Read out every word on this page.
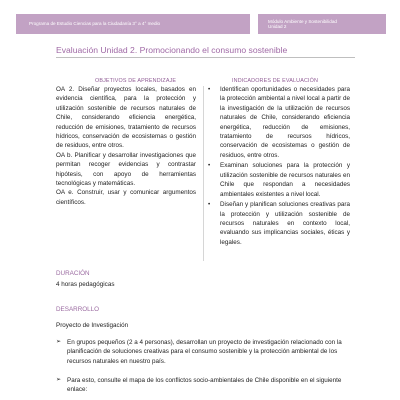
Programa de Estudio Ciencias para la Ciudadanía 3° a 4° medio	Módulo Ambiente y Sostenibilidad
Unidad 2
Evaluación Unidad 2. Promocionando el consumo sostenible
OBJETIVOS DE APRENDIZAJE	INDICADORES DE EVALUACIÓN

OA 2. Diseñar proyectos locales, basados en evidencia científica, para la protección y utilización sostenible de recursos naturales de Chile, considerando eficiencia energética, reducción de emisiones, tratamiento de recursos hídricos, conservación de ecosistemas o gestión de residuos, entre otros.

OA b. Planificar y desarrollar investigaciones que permitan recoger evidencias y contrastar hipótesis, con apoyo de herramientas tecnológicas y matemáticas.

OA e. Construir, usar y comunicar argumentos científicos.

• Identifican oportunidades o necesidades para la protección ambiental a nivel local a partir de la investigación de la utilización de recursos naturales de Chile, considerando eficiencia energética, reducción de emisiones, tratamiento de recursos hídricos, conservación de ecosistemas o gestión de residuos, entre otros.
• Examinan soluciones para la protección y utilización sostenible de recursos naturales en Chile que respondan a necesidades ambientales existentes a nivel local.
• Diseñan y planifican soluciones creativas para la protección y utilización sostenible de recursos naturales en contexto local, evaluando sus implicancias sociales, éticas y legales.
DURACIÓN
4 horas pedagógicas
DESARROLLO
Proyecto de Investigación
➢ En grupos pequeños (2 a 4 personas), desarrollan un proyecto de investigación relacionado con la planificación de soluciones creativas para el consumo sostenible y la protección ambiental de los recursos naturales en nuestro país.
➢ Para esto, consulte el mapa de los conflictos socio-ambientales de Chile disponible en el siguiente enlace:
